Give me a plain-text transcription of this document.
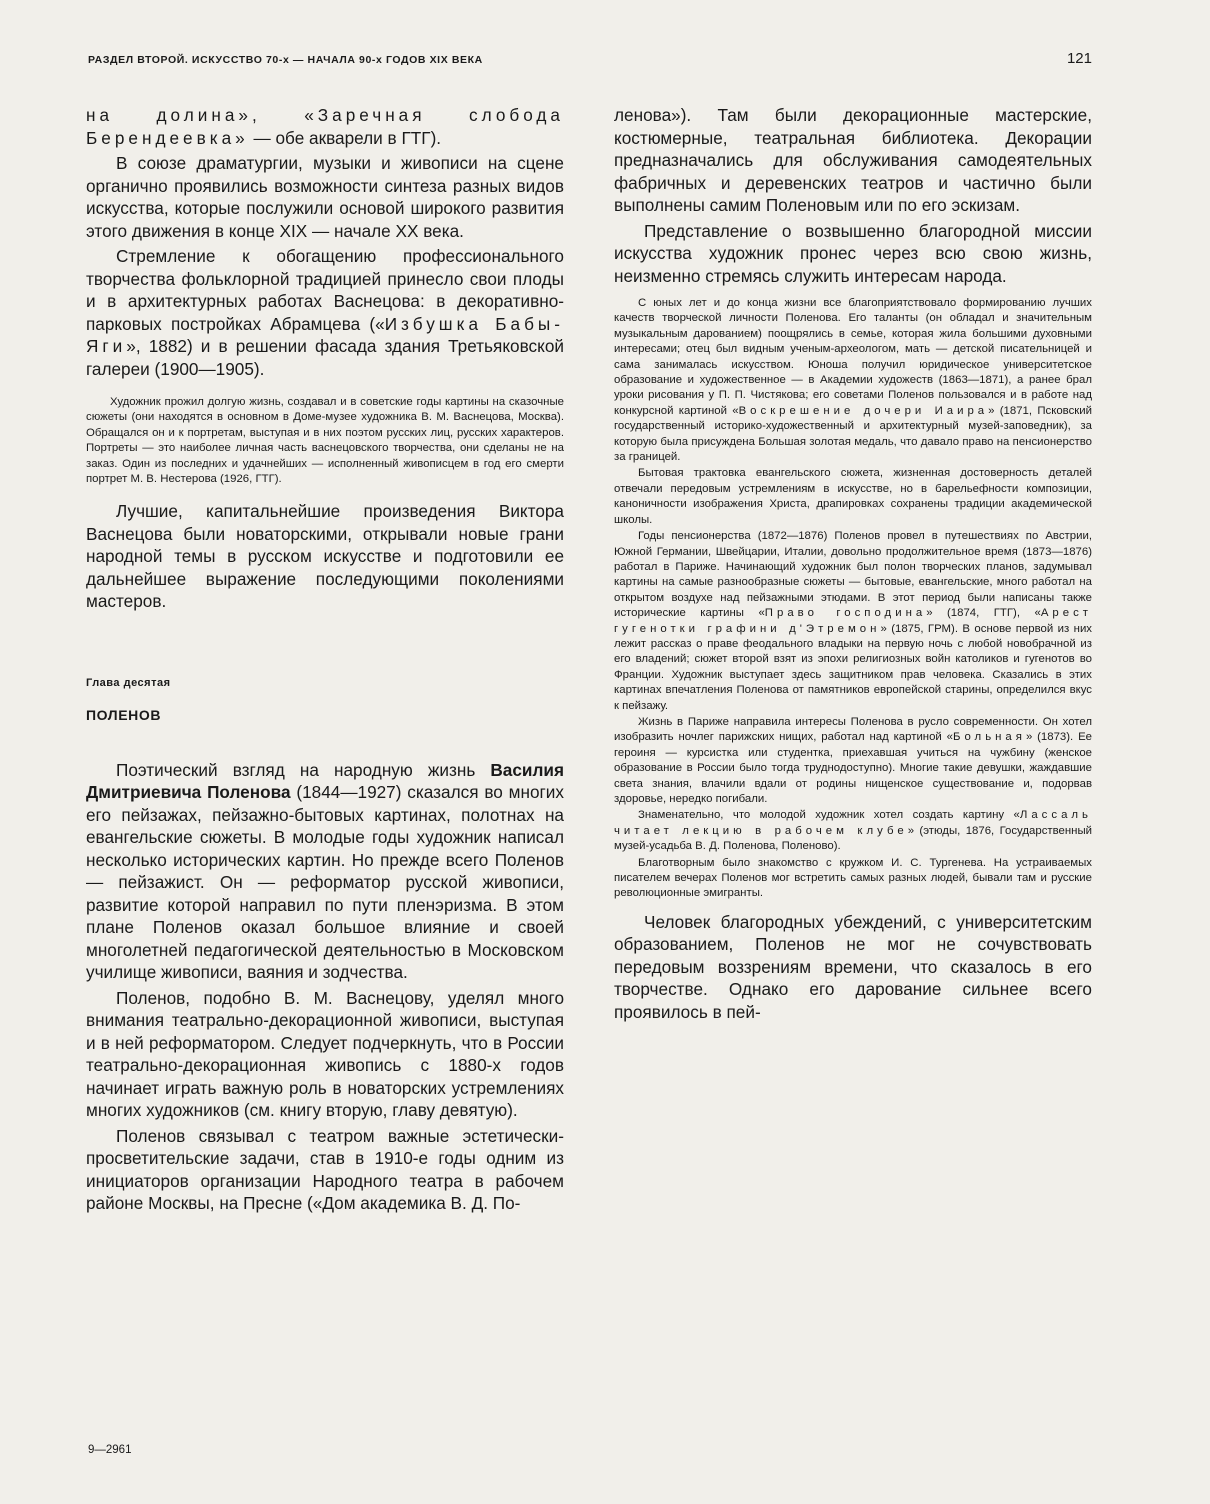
РАЗДЕЛ ВТОРОЙ. ИСКУССТВО 70-х — НАЧАЛА 90-х ГОДОВ XIX ВЕКА	121

на долина», «Заречная слобода Берендеевка» — обе акварели в ГТГ).

В союзе драматургии, музыки и живописи на сцене органично проявились возможности синтеза разных видов искусства, которые послужили основой широкого развития этого движения в конце XIX — начале XX века.

Стремление к обогащению профессионального творчества фольклорной традицией принесло свои плоды и в архитектурных работах Васнецова: в декоративно-парковых постройках Абрамцева («Избушка Бабы-Яги», 1882) и в решении фасада здания Третьяковской галереи (1900—1905).

Художник прожил долгую жизнь, создавал и в советские годы картины на сказочные сюжеты (они находятся в основном в Доме-музее художника В. М. Васнецова, Москва). Обращался он и к портретам, выступая и в них поэтом русских лиц, русских характеров. Портреты — это наиболее личная часть васнецовского творчества, они сделаны не на заказ. Один из последних и удачнейших — исполненный живописцем в год его смерти портрет М. В. Нестерова (1926, ГТГ).

Лучшие, капитальнейшие произведения Виктора Васнецова были новаторскими, открывали новые грани народной темы в русском искусстве и подготовили ее дальнейшее выражение последующими поколениями мастеров.

Глава десятая
ПОЛЕНОВ

Поэтический взгляд на народную жизнь Василия Дмитриевича Поленова (1844—1927) сказался во многих его пейзажах, пейзажно-бытовых картинах, полотнах на евангельские сюжеты. В молодые годы художник написал несколько исторических картин. Но прежде всего Поленов — пейзажист. Он — реформатор русской живописи, развитие которой направил по пути пленэризма. В этом плане Поленов оказал большое влияние и своей многолетней педагогической деятельностью в Московском училище живописи, ваяния и зодчества.

Поленов, подобно В. М. Васнецову, уделял много внимания театрально-декорационной живописи, выступая и в ней реформатором. Следует подчеркнуть, что в России театрально-декорационная живопись с 1880-х годов начинает играть важную роль в новаторских устремлениях многих художников (см. книгу вторую, главу девятую).

Поленов связывал с театром важные эстетически-просветительские задачи, став в 1910-е годы одним из инициаторов организации Народного театра в рабочем районе Москвы, на Пресне («Дом академика В. Д. По-

ленова»). Там были декорационные мастерские, костюмерные, театральная библиотека. Декорации предназначались для обслуживания самодеятельных фабричных и деревенских театров и частично были выполнены самим Поленовым или по его эскизам.

Представление о возвышенно благородной миссии искусства художник пронес через всю свою жизнь, неизменно стремясь служить интересам народа.

С юных лет и до конца жизни все благоприятствовало формированию лучших качеств творческой личности Поленова. Его таланты (он обладал и значительным музыкальным дарованием) поощрялись в семье, которая жила большими духовными интересами; отец был видным ученым-археологом, мать — детской писательницей и сама занималась искусством. Юноша получил юридическое университетское образование и художественное — в Академии художеств (1863—1871), а ранее брал уроки рисования у П. П. Чистякова; его советами Поленов пользовался и в работе над конкурсной картиной «Воскрешение дочери Иаира» (1871, Псковский государственный историко-художественный и архитектурный музей-заповедник), за которую была присуждена Большая золотая медаль, что давало право на пенсионерство за границей.

Бытовая трактовка евангельского сюжета, жизненная достоверность деталей отвечали передовым устремлениям в искусстве, но в барельефности композиции, каноничности изображения Христа, драпировках сохранены традиции академической школы.

Годы пенсионерства (1872—1876) Поленов провел в путешествиях по Австрии, Южной Германии, Швейцарии, Италии, довольно продолжительное время (1873—1876) работал в Париже. Начинающий художник был полон творческих планов, задумывал картины на самые разнообразные сюжеты — бытовые, евангельские, много работал на открытом воздухе над пейзажными этюдами. В этот период были написаны также исторические картины «Право господина» (1874, ГТГ), «Арест гугенотки графини д'Этремон» (1875, ГРМ). В основе первой из них лежит рассказ о праве феодального владыки на первую ночь с любой новобрачной из его владений; сюжет второй взят из эпохи религиозных войн католиков и гугенотов во Франции. Художник выступает здесь защитником прав человека. Сказались в этих картинах впечатления Поленова от памятников европейской старины, определился вкус к пейзажу.

Жизнь в Париже направила интересы Поленова в русло современности. Он хотел изобразить ночлег парижских нищих, работал над картиной «Больная» (1873). Ее героиня — курсистка или студентка, приехавшая учиться на чужбину (женское образование в России было тогда труднодоступно). Многие такие девушки, жаждавшие света знания, влачили вдали от родины нищенское существование и, подорвав здоровье, нередко погибали.

Знаменательно, что молодой художник хотел создать картину «Лассаль читает лекцию в рабочем клубе» (этюды, 1876, Государственный музей-усадьба В. Д. Поленова, Поленово).

Благотворным было знакомство с кружком И. С. Тургенева. На устраиваемых писателем вечерах Поленов мог встретить самых разных людей, бывали там и русские революционные эмигранты.

Человек благородных убеждений, с университетским образованием, Поленов не мог не сочувствовать передовым воззрениям времени, что сказалось в его творчестве. Однако его дарование сильнее всего проявилось в пей-

9—2961
